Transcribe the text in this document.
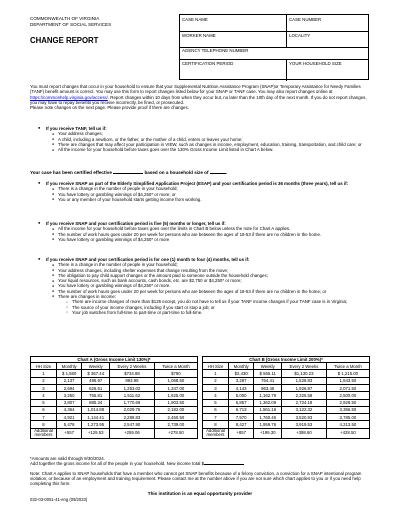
COMMONWEALTH OF VIRGINIA
DEPARTMENT OF SOCIAL SERVICES
CHANGE REPORT
CASE NAME	CASE NUMBER
WORKER NAME	LOCALITY
AGENCY TELEPHONE NUMBER
CERTIFICATION PERIOD	YOUR HOUSEHOLD SIZE

You must report changes that occur in your household to ensure that your Supplemental Nutrition Assistance Program (SNAP)or Temporary Assistance for Needy Families (TANF) benefit amount is correct. You may use this form to report changes listed below for your SNAP or TANF case. You may also report changes online at https://commonhelp.virginia.gov/access/. Report changes within 10 days from when they occur but, no later than the 10th day of the next month. If you do not report changes, you may have to repay benefits you receive incorrectly, be fined, or prosecuted.

Please note changes on the next page. Please provide proof if there are changes.

● If you receive TANF, tell us if:
● Your address changes;
● A child, including a newborn, or the father, or the mother of a child, enters or leaves your home;
● There are changes that may affect your participation in VIEW, such as changes in income, employment, education, training, transportation, and child care; or
● All the income for your household before taxes goes over the 130% Gross Income Limit listed in Chart A below.
Your case has been certified effective	based on a household size of	.
● If you receive SNAP as part of the Elderly Simplified Application Project (ESAP) and your certification period is 36 months (three years), tell us if:
● There is a change in the number of people in your household;
● You have lottery or gambling winnings of $4,250* or more; or
● You or any member of your household starts getting income from working.
● If you receive SNAP and your certification period is five (5) months or longer, tell us if:
● All the income for your household before taxes goes over the limits in Chart B below unless the note for Chart A applies.
● The number of work hours goes under 20 per week for persons who are between the ages of 18-53 if there are no children in the home.
● You have lottery or gambling winnings of $4,250* or more
● If you receive SNAP and your certification period is for one (1) month to four (4) months, tell us if:
● There is a change in the number of people in your household;
● Your address changes, including shelter expenses that change resulting from the move;
● The obligation to pay child support changes or the amount paid to someone outside the household changes;
● Your liquid resources, such as bank accounts, cash bonds, etc. are $2,750 or $4,250* or more;
● You have lottery or gambling winnings of $4,250* or more.
● The number of work hours goes under 20 per week for persons who are between the ages of 18-53 if there are no children in the home; or
● There are changes in income:
○ There are income changes of more than $125 except, you do not have to tell us if your TANF income changes if your TANF case is in Virginia;
○ The source of your income changes, including if you start or stop a job; or
○ Your job switches from full-time to part-time or part-time to full-time.
Chart A (Gross Income Limit 130%)*				
HH Size	Monthly	Weekly	Every 2 Weeks	Twice a Month
1	$ 1,580	$ 367.44	$734.88	$790
2	2,137	496.97	993.95	1,068.50
3	2,694	626.51	1,253.02	1,347.00
4	3,250	755.81	1,511.62	1,625.00
5	3,807	885.34	1,770.69	1,903.50
6	4,364	1,014.88	2,029.76	2,182.00
7	4,921	1,144.41	2,288.83	2,460.50
8	5,478	1,273.95	2,547.90	2,739.00
Additional members	+557	+129.53	+259.06	+278.50
Chart B (Gross Income Limit 200%)*				
HH Size	Monthly	Weekly	Every 2 Weeks	Twice a Month
1	$2,430	$ 565.11	$1,130.23	$ 1,215.00
2	3,287	764.41	1,528.83	1,643.50
3	4,143	963.46	1,926.97	2,071.50
4	5,000	1,162.79	2,325.58	2,500.00
5	5,857	1,362.09	2,724.18	2,928.50
6	6,713	1,561.16	3,122.32	3,356.50
7	7,570	1,760.46	3,520.93	3,785.00
8	8,427	1,959.76	3,919.53	4,213.50
Additional members	+857	+199.30	+398.60	+428.50
*Amounts are valid through 9/30/2024.
Add together the gross income for all of the people in your household. New income total $
Note: Chart A applies to SNAP households that have a member who cannot get SNAP benefits because of a felony conviction, a conviction for a SNAP intentional program violation, or because of an employment and training requirement. Please contact me at the number above if you are not sure which chart applies to you or if you need help completing this form.
This institution is an equal opportunity provider
032-03-0051-41-eng (09/2023)
